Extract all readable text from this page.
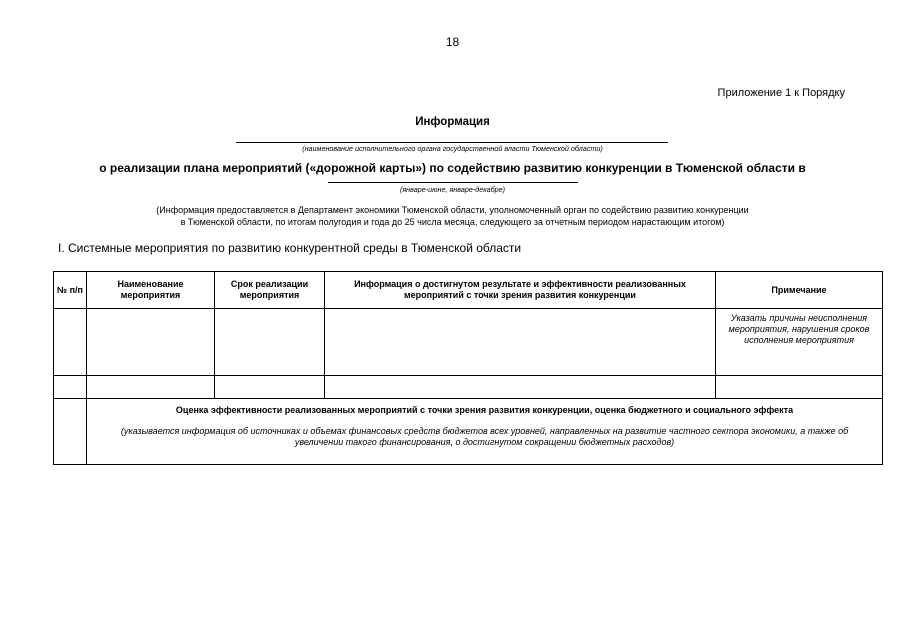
18
Приложение 1 к Порядку
Информация
(наименование исполнительного органа государственной власти Тюменской области)
о реализации плана мероприятий («дорожной карты») по содействию развитию конкуренции в Тюменской области в
(январе-июне, январе-декабре)
(Информация предоставляется в Департамент экономики Тюменской области, уполномоченный орган по содействию развитию конкуренции
в Тюменской области, по итогам полугодия и года до 25 числа месяца, следующего за отчетным периодом нарастающим итогом)
I. Системные мероприятия по развитию конкурентной среды в Тюменской области
№ п/п	Наименование мероприятия	Срок реализации мероприятия	Информация о достигнутом результате и эффективности реализованных мероприятий с точки зрения развития конкуренции	Примечание
				Указать причины неисполнения мероприятия, нарушения сроков исполнения мероприятия

	Оценка эффективности реализованных мероприятий с точки зрения развития конкуренции, оценка бюджетного и социального эффекта
(указывается информация об источниках и объемах финансовых средств бюджетов всех уровней, направленных на развитие частного сектора экономики, а также об увеличении такого финансирования, о достигнутом сокращении бюджетных расходов)			
